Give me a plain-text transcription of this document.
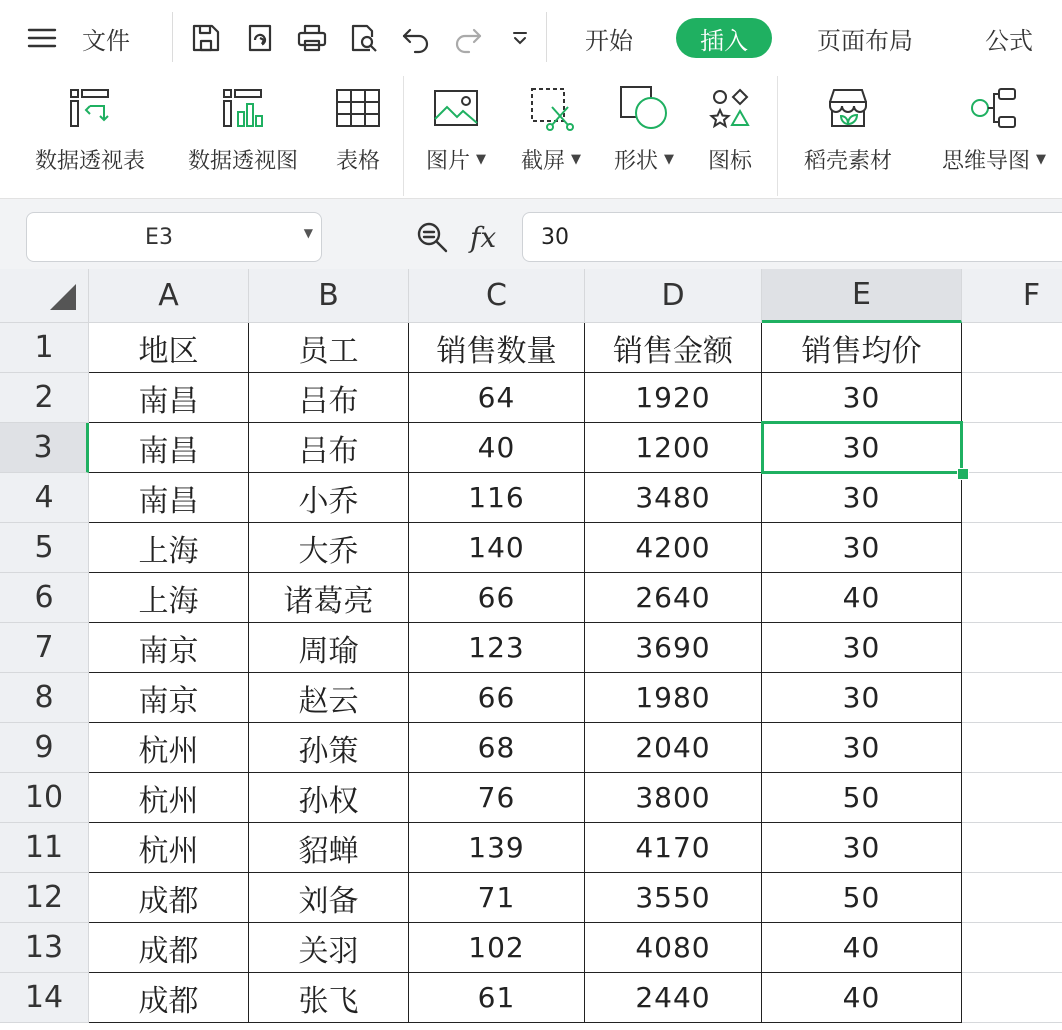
文件	开始	插入	页面布局	公式
数据透视表 数据透视图 表格 图片 ▼ 截屏 ▼ 形状 ▼ 图标 稻壳素材 思维导图 ▼
E3	▼	fx	30
A	B	C	D	E	F
1	地区	员工	销售数量	销售金额	销售均价
2	南昌	吕布	64	1920	30
3	南昌	吕布	40	1200	30
4	南昌	小乔	116	3480	30
5	上海	大乔	140	4200	30
6	上海	诸葛亮	66	2640	40
7	南京	周瑜	123	3690	30
8	南京	赵云	66	1980	30
9	杭州	孙策	68	2040	30
10	杭州	孙权	76	3800	50
11	杭州	貂蝉	139	4170	30
12	成都	刘备	71	3550	50
13	成都	关羽	102	4080	40
14	成都	张飞	61	2440	40
